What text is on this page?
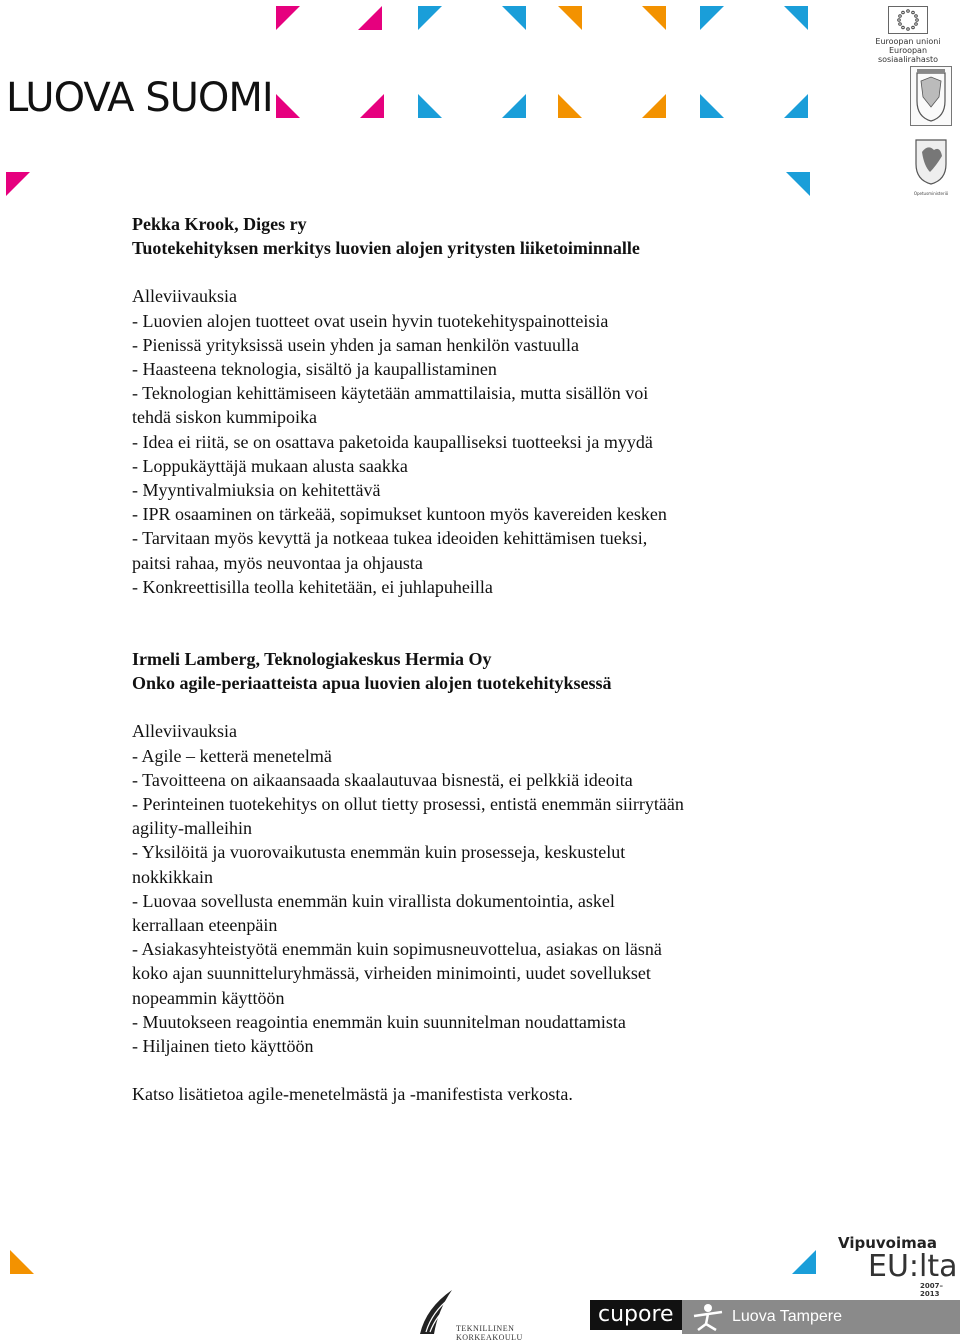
LUOVA SUOMI
Euroopan unioni
Euroopan sosiaalirahasto
Opetusministeriö

Pekka Krook, Diges ry

Tuotekehityksen merkitys luovien alojen yritysten liiketoiminnalle

Alleviivauksia

- Luovien alojen tuotteet ovat usein hyvin tuotekehityspainotteisia

- Pienissä yrityksissä usein yhden ja saman henkilön vastuulla

- Haasteena teknologia, sisältö ja kaupallistaminen

- Teknologian kehittämiseen käytetään ammattilaisia, mutta sisällön voi

tehdä siskon kummipoika

- Idea ei riitä, se on osattava paketoida kaupalliseksi tuotteeksi ja myydä

- Loppukäyttäjä mukaan alusta saakka

- Myyntivalmiuksia on kehitettävä

- IPR osaaminen on tärkeää, sopimukset kuntoon myös kavereiden kesken

- Tarvitaan myös kevyttä ja notkeaa tukea ideoiden kehittämisen tueksi,

paitsi rahaa, myös neuvontaa ja ohjausta

- Konkreettisilla teolla kehitetään, ei juhlapuheilla

Irmeli Lamberg, Teknologiakeskus Hermia Oy

Onko agile-periaatteista apua luovien alojen tuotekehityksessä

Alleviivauksia

- Agile – ketterä menetelmä

- Tavoitteena on aikaansaada skaalautuvaa bisnestä, ei pelkkiä ideoita

- Perinteinen tuotekehitys on ollut tietty prosessi, entistä enemmän siirrytään

agility-malleihin

- Yksilöitä ja vuorovaikutusta enemmän kuin prosesseja, keskustelut

nokkikkain

- Luovaa sovellusta enemmän kuin virallista dokumentointia, askel

kerrallaan eteenpäin

- Asiakasyhteistyötä enemmän kuin sopimusneuvottelua, asiakas on läsnä

koko ajan suunnitteluryhmässä, virheiden minimointi, uudet sovellukset

nopeammin käyttöön

- Muutokseen reagointia enemmän kuin suunnitelman noudattamista

- Hiljainen tieto käyttöön

Katso lisätietoa agile-menetelmästä ja -manifestista verkosta.

Vipuvoimaa
EU:lta
2007–2013
TEKNILLINEN KORKEAKOULU
cupore	Luova Tampere
